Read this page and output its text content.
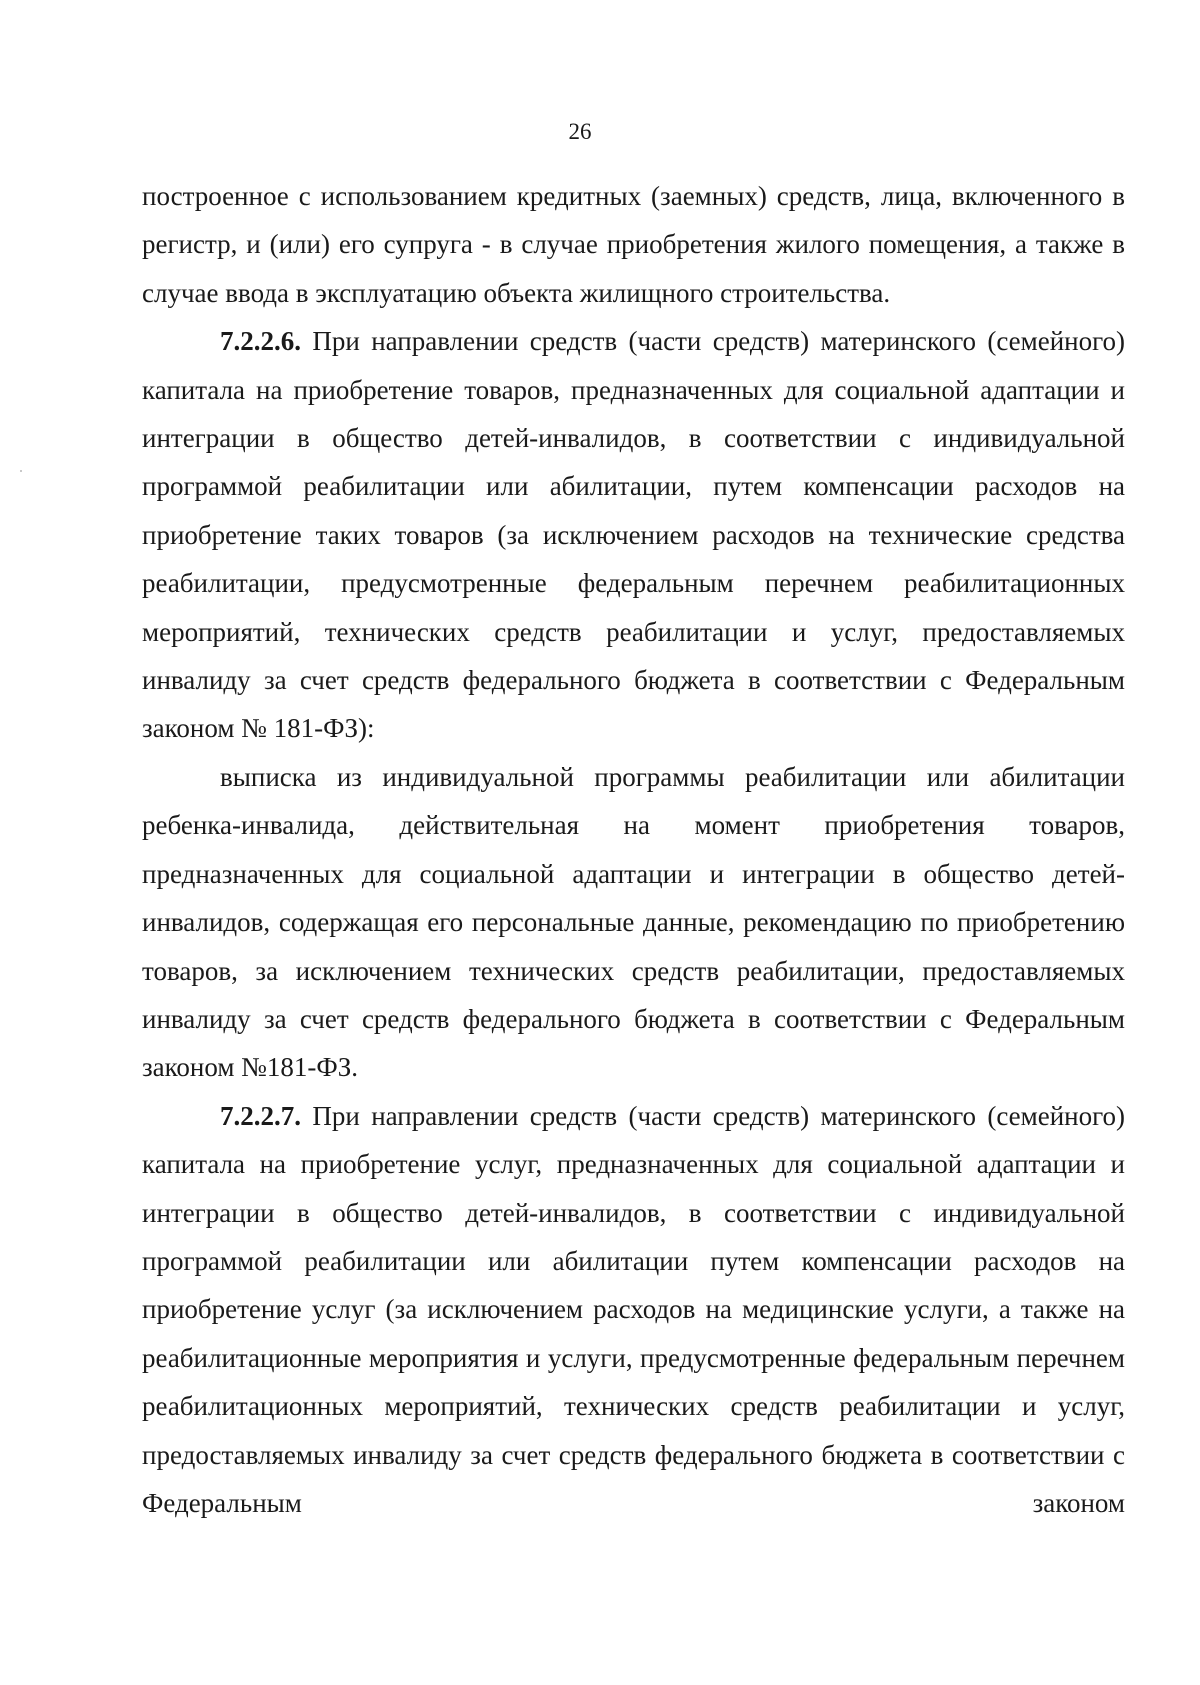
26

построенное с использованием кредитных (заемных) средств, лица, включенного в регистр, и (или) его супруга - в случае приобретения жилого помещения, а также в случае ввода в эксплуатацию объекта жилищного строительства.

7.2.2.6. При направлении средств (части средств) материнского (семейного) капитала на приобретение товаров, предназначенных для социальной адаптации и интеграции в общество детей-инвалидов, в соответствии с индивидуальной программой реабилитации или абилитации, путем компенсации расходов на приобретение таких товаров (за исключением расходов на технические средства реабилитации, предусмотренные федеральным перечнем реабилитационных мероприятий, технических средств реабилитации и услуг, предоставляемых инвалиду за счет средств федерального бюджета в соответствии с Федеральным законом № 181-ФЗ):

выписка из индивидуальной программы реабилитации или абилитации ребенка-инвалида, действительная на момент приобретения товаров, предназначенных для социальной адаптации и интеграции в общество детей-инвалидов, содержащая его персональные данные, рекомендацию по приобретению товаров, за исключением технических средств реабилитации, предоставляемых инвалиду за счет средств федерального бюджета в соответствии с Федеральным законом №181-ФЗ.

7.2.2.7. При направлении средств (части средств) материнского (семейного) капитала на приобретение услуг, предназначенных для социальной адаптации и интеграции в общество детей-инвалидов, в соответствии с индивидуальной программой реабилитации или абилитации путем компенсации расходов на приобретение услуг (за исключением расходов на медицинские услуги, а также на реабилитационные мероприятия и услуги, предусмотренные федеральным перечнем реабилитационных мероприятий, технических средств реабилитации и услуг, предоставляемых инвалиду за счет средств федерального бюджета в соответствии с Федеральным законом
